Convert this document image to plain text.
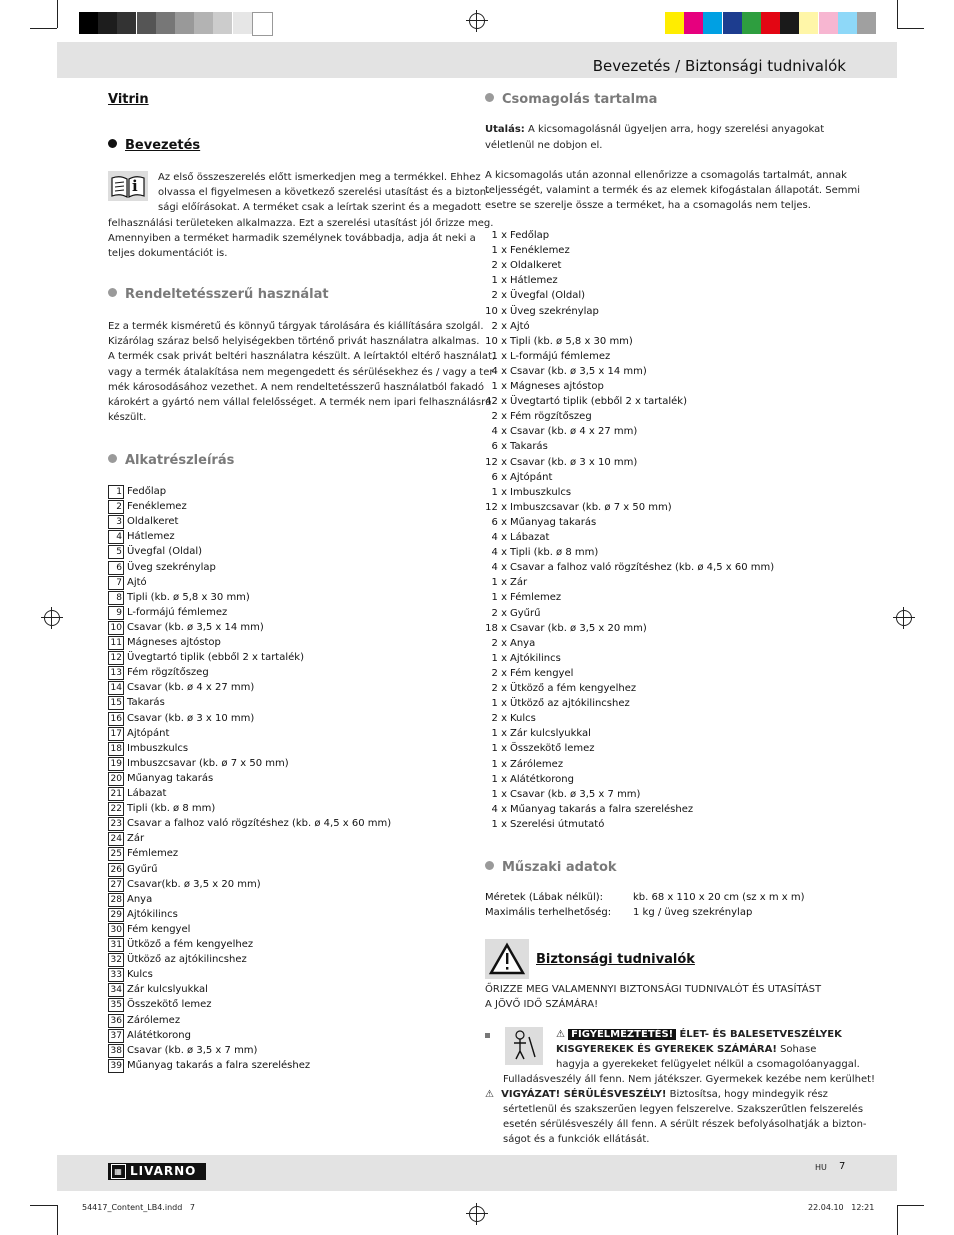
Bevezetés / Biztonsági tudnivalók
Vitrin
Bevezetés
i Az első összeszerelés előtt ismerkedjen meg a termékkel. Ehhez
olvassa el figyelmesen a következő szerelési utasítást és a bizton-
sági előírásokat. A terméket csak a leírtak szerint és a megadott
felhasználási területeken alkalmazza. Ezt a szerelési utasítást jól őrizze meg.
Amennyiben a terméket harmadik személynek továbbadja, adja át neki a
teljes dokumentációt is.
Rendeltetésszerű használat
Ez a termék kisméretű és könnyű tárgyak tárolására és kiállítására szolgál.
Kizárólag száraz belső helyiségekben történő privát használatra alkalmas.
A termék csak privát beltéri használatra készült. A leírtaktól eltérő használat,
vagy a termék átalakítása nem megengedett és sérülésekhez és / vagy a ter-
mék károsodásához vezethet. A nem rendeltetésszerű használatból fakadó
károkért a gyártó nem vállal felelősséget. A termék nem ipari felhasználásra
készült.
Alkatrészleírás
1 Fedőlap
2 Fenéklemez
3 Oldalkeret
4 Hátlemez
5 Üvegfal (Oldal)
6 Üveg szekrénylap
7 Ajtó
8 Tipli (kb. ø 5,8 x 30 mm)
9 L-formájú fémlemez
10 Csavar (kb. ø 3,5 x 14 mm)
11 Mágneses ajtóstop
12 Üvegtartó tiplik (ebből 2 x tartalék)
13 Fém rögzítőszeg
14 Csavar (kb. ø 4 x 27 mm)
15 Takarás
16 Csavar (kb. ø 3 x 10 mm)
17 Ajtópánt
18 Imbuszkulcs
19 Imbuszcsavar (kb. ø 7 x 50 mm)
20 Műanyag takarás
21 Lábazat
22 Tipli (kb. ø 8 mm)
23 Csavar a falhoz való rögzítéshez (kb. ø 4,5 x 60 mm)
24 Zár
25 Fémlemez
26 Gyűrű
27 Csavar(kb. ø 3,5 x 20 mm)
28 Anya
29 Ajtókilincs
30 Fém kengyel
31 Ütköző a fém kengyelhez
32 Ütköző az ajtókilincshez
33 Kulcs
34 Zár kulcslyukkal
35 Összekötő lemez
36 Zárólemez
37 Alátétkorong
38 Csavar (kb. ø 3,5 x 7 mm)
39 Műanyag takarás a falra szereléshez
Csomagolás tartalma
Utalás: A kicsomagolásnál ügyeljen arra, hogy szerelési anyagokat
véletlenül ne dobjon el.
A kicsomagolás után azonnal ellenőrizze a csomagolás tartalmát, annak
teljességét, valamint a termék és az elemek kifogástalan állapotát. Semmi
esetre se szerelje össze a terméket, ha a csomagolás nem teljes.
1 x Fedőlap
1 x Fenéklemez
2 x Oldalkeret
1 x Hátlemez
2 x Üvegfal (Oldal)
10 x Üveg szekrénylap
2 x Ajtó
10 x Tipli (kb. ø 5,8 x 30 mm)
1 x L-formájú fémlemez
4 x Csavar (kb. ø 3,5 x 14 mm)
1 x Mágneses ajtóstop
42 x Üvegtartó tiplik (ebből 2 x tartalék)
2 x Fém rögzítőszeg
4 x Csavar (kb. ø 4 x 27 mm)
6 x Takarás
12 x Csavar (kb. ø 3 x 10 mm)
6 x Ajtópánt
1 x Imbuszkulcs
12 x Imbuszcsavar (kb. ø 7 x 50 mm)
6 x Műanyag takarás
4 x Lábazat
4 x Tipli (kb. ø 8 mm)
4 x Csavar a falhoz való rögzítéshez (kb. ø 4,5 x 60 mm)
1 x Zár
1 x Fémlemez
2 x Gyűrű
18 x Csavar (kb. ø 3,5 x 20 mm)
2 x Anya
1 x Ajtókilincs
2 x Fém kengyel
2 x Ütköző a fém kengyelhez
1 x Ütköző az ajtókilincshez
2 x Kulcs
1 x Zár kulcslyukkal
1 x Összekötő lemez
1 x Zárólemez
1 x Alátétkorong
1 x Csavar (kb. ø 3,5 x 7 mm)
4 x Műanyag takarás a falra szereléshez
1 x Szerelési útmutató
Műszaki adatok
Méretek (Lábak nélkül):	kb. 68 x 110 x 20 cm (sz x m x m)
Maximális terhelhetőség: 1 kg / üveg szekrénylap
Biztonsági tudnivalók
ŐRIZZE MEG VALAMENNYI BIZTONSÁGI TUDNIVALÓT ÉS UTASÍTÁST
A JÖVŐ IDŐ SZÁMÁRA!
⚠ FIGYELMEZTETÉS! ÉLET- ÉS BALESETVESZÉLYEK
KISGYEREKEK ÉS GYEREKEK SZÁMÁRA! Sohase
hagyja a gyerekeket felügyelet nélkül a csomagolóanyaggal.
Fulladásveszély áll fenn. Nem játékszer. Gyermekek kezébe nem kerülhet!
⚠ VIGYÁZAT! SÉRÜLÉSVESZÉLY! Biztosítsa, hogy mindegyik rész
sértetlenül és szakszerűen legyen felszerelve. Szakszerűtlen felszerelés
esetén sérülésveszély áll fenn. A sérült részek befolyásolhatják a bizton-
ságot és a funkciók ellátását.
▦ LIVARNO	HU 7
54417_Content_LB4.indd   7	22.04.10   12:21
